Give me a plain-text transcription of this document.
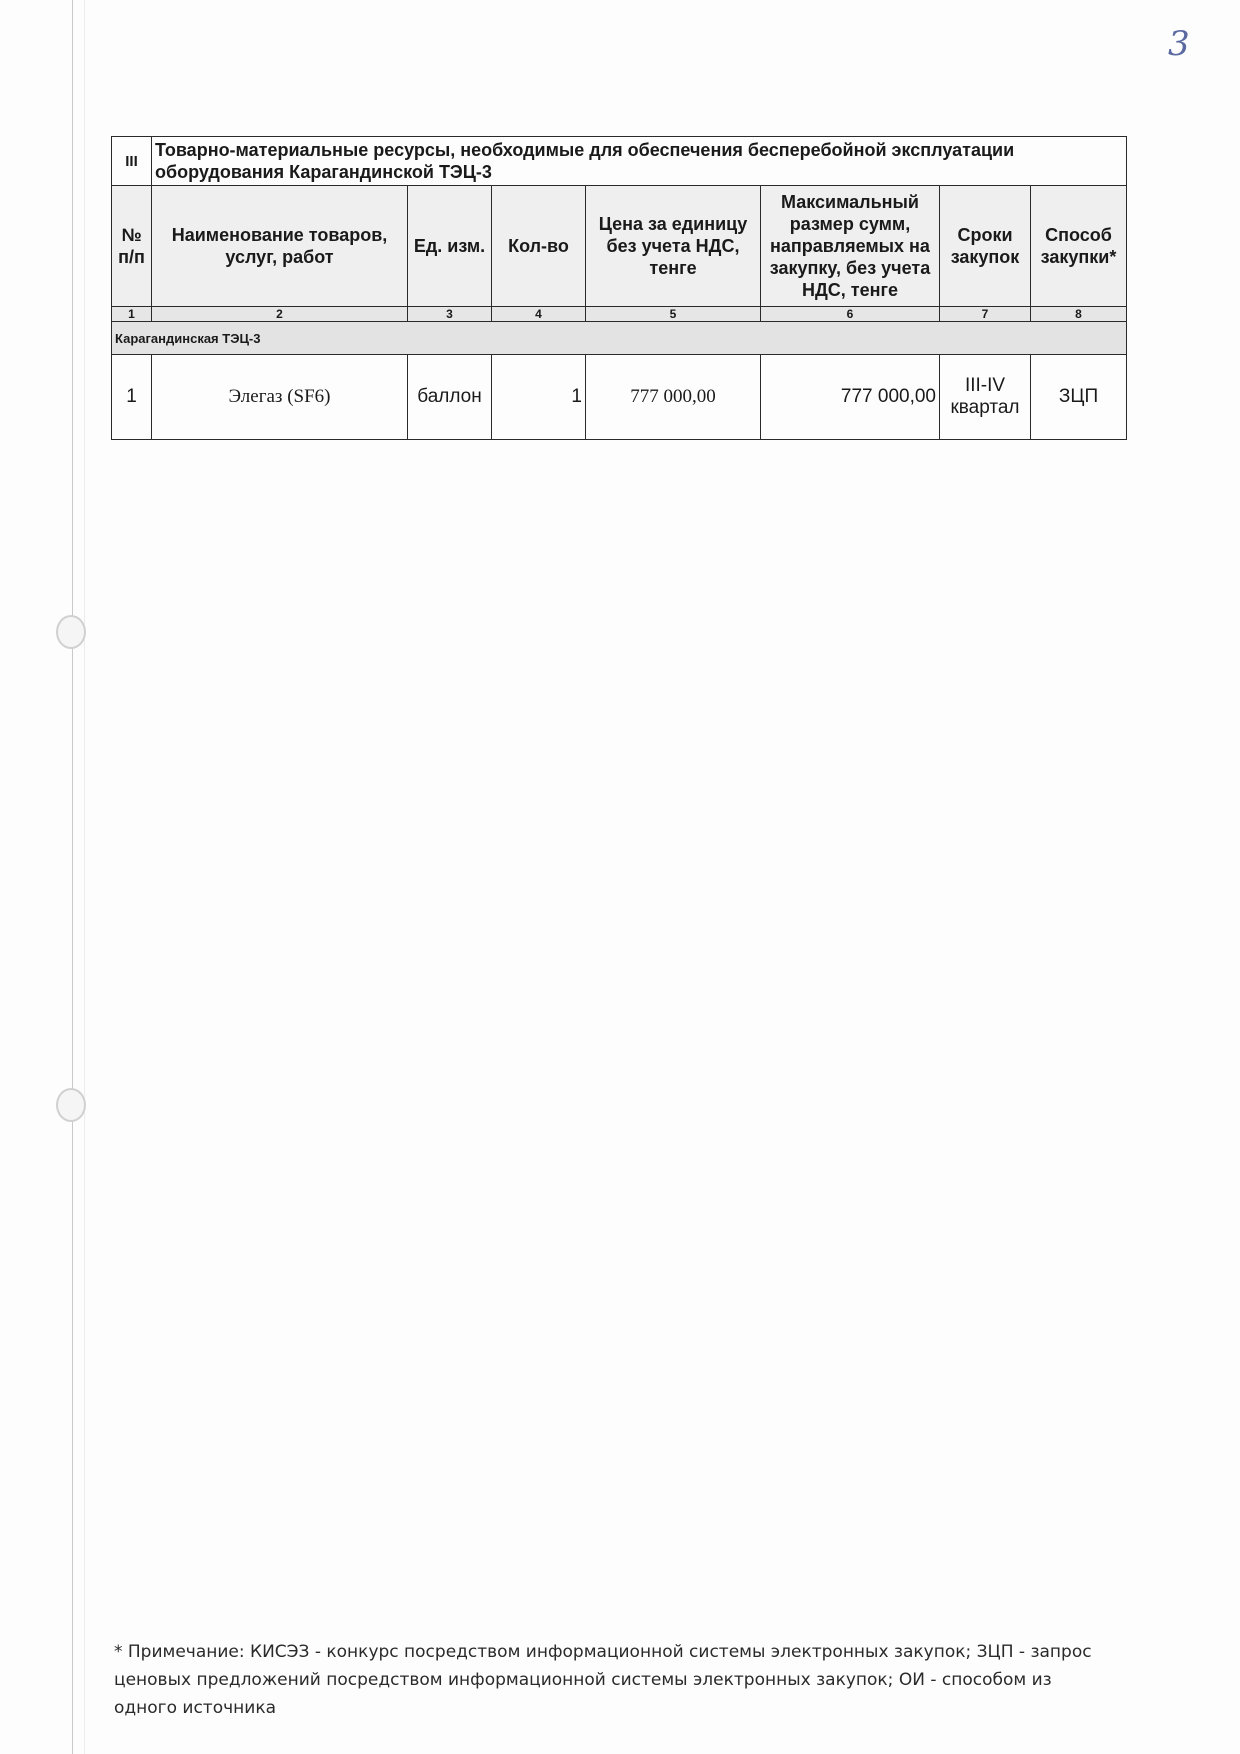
3
III	Товарно-материальные ресурсы, необходимые для обеспечения бесперебойной эксплуатации оборудования Карагандинской ТЭЦ-3						
№ п/п	Наименование товаров, услуг, работ	Ед. изм.	Кол-во	Цена за единицу без учета НДС, тенге	Максимальный размер сумм, направляемых на закупку, без учета НДС, тенге	Сроки закупок	Способ закупки*
1	2	3	4	5	6	7	8
Карагандинская ТЭЦ-3							
1	Элегаз (SF6)	баллон	1	777 000,00	777 000,00	III-IV квартал	ЗЦП
* Примечание: КИСЭЗ - конкурс посредством информационной системы электронных закупок; ЗЦП - запрос ценовых предложений посредством информационной системы электронных закупок; ОИ - способом из одного источника
